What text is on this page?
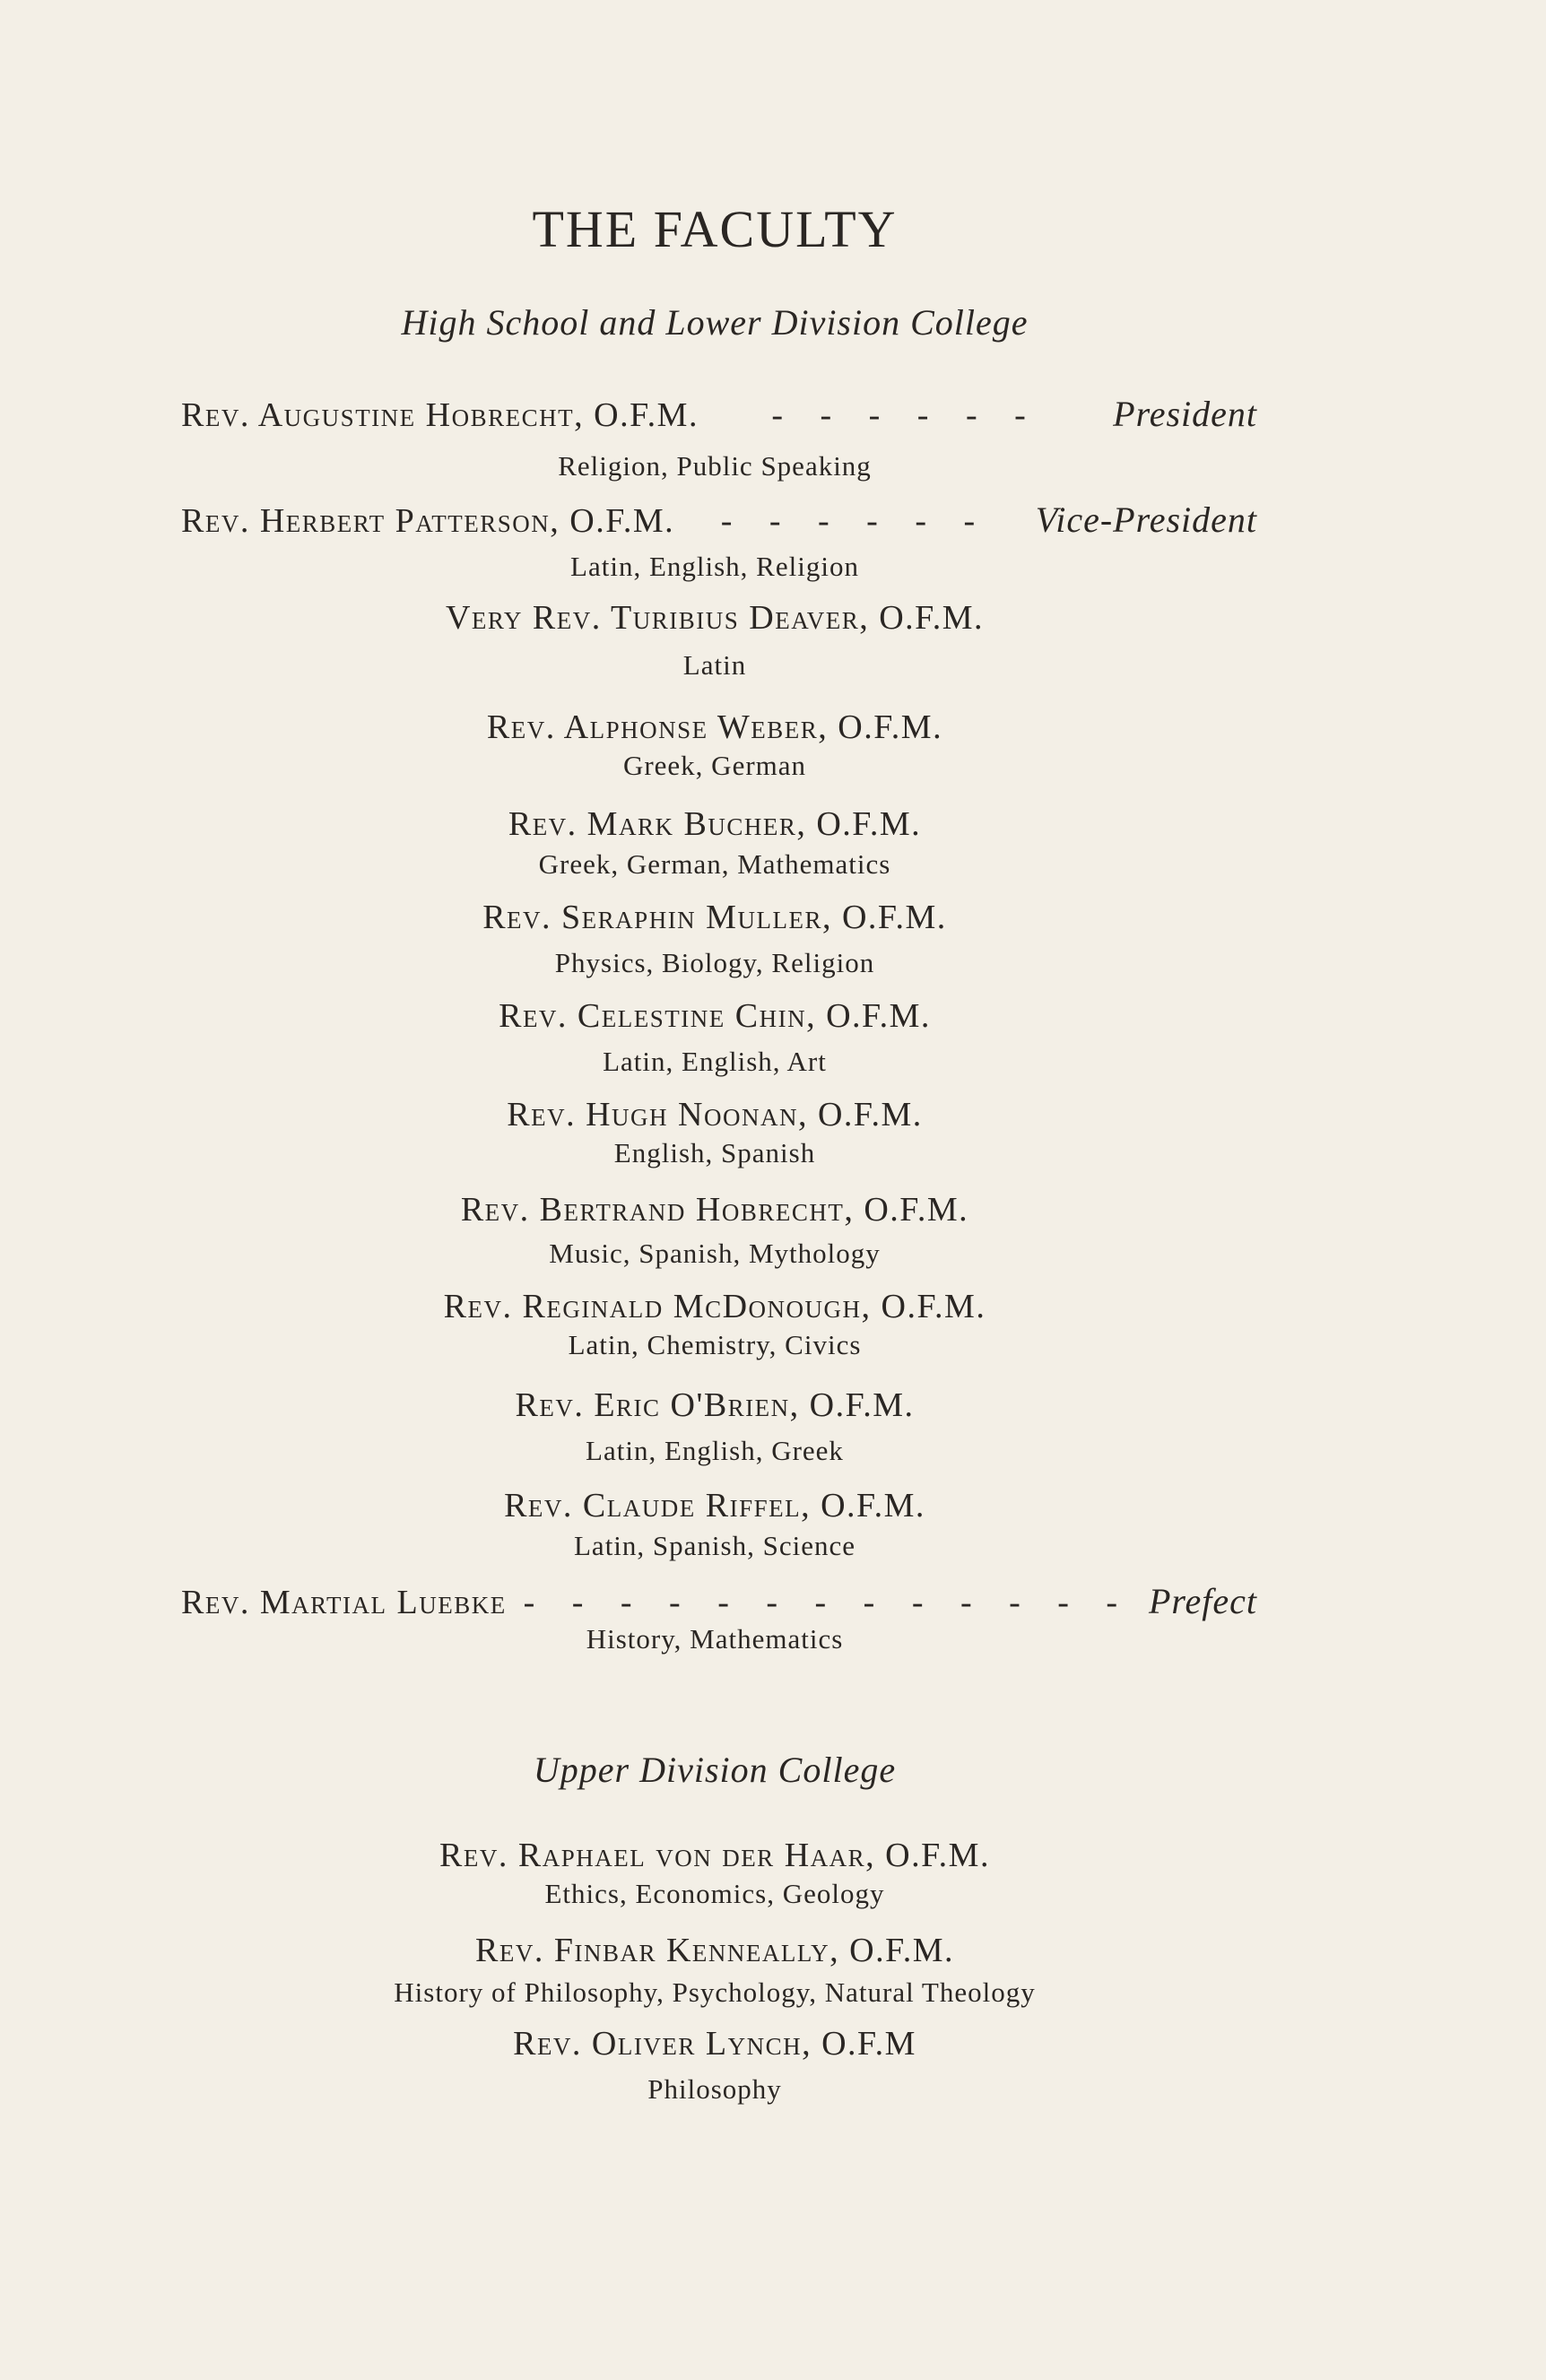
THE FACULTY
High School and Lower Division College
Rev. Augustine Hobrecht, O.F.M.	- - - - - -	President
Religion, Public Speaking
Rev. Herbert Patterson, O.F.M.	- - - - - -	Vice-President
Latin, English, Religion
Very Rev. Turibius Deaver, O.F.M.
Latin
Rev. Alphonse Weber, O.F.M.
Greek, German
Rev. Mark Bucher, O.F.M.
Greek, German, Mathematics
Rev. Seraphin Muller, O.F.M.
Physics, Biology, Religion
Rev. Celestine Chin, O.F.M.
Latin, English, Art
Rev. Hugh Noonan, O.F.M.
English, Spanish
Rev. Bertrand Hobrecht, O.F.M.
Music, Spanish, Mythology
Rev. Reginald McDonough, O.F.M.
Latin, Chemistry, Civics
Rev. Eric O'Brien, O.F.M.
Latin, English, Greek
Rev. Claude Riffel, O.F.M.
Latin, Spanish, Science
Rev. Martial Luebke - - - - - - - - - - - - - Prefect
History, Mathematics
Upper Division College
Rev. Raphael von der Haar, O.F.M.
Ethics, Economics, Geology
Rev. Finbar Kenneally, O.F.M.
History of Philosophy, Psychology, Natural Theology
Rev. Oliver Lynch, O.F.M
Philosophy
